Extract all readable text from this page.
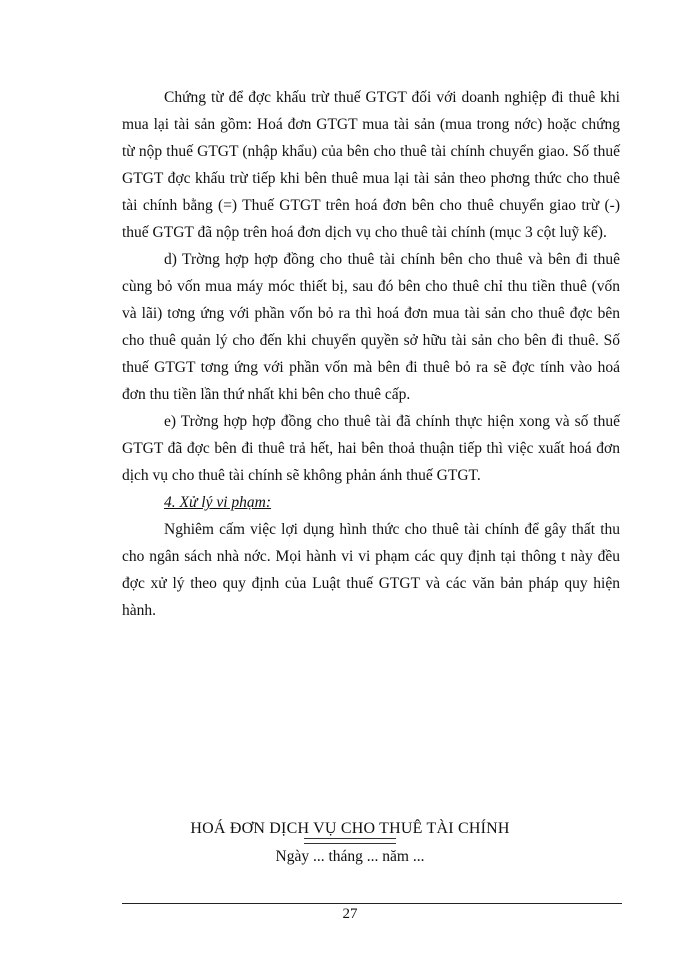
Chứng từ để đợc khấu trừ thuế GTGT đối với doanh nghiệp đi thuê khi mua lại tài sản gồm: Hoá đơn GTGT mua tài sản (mua trong nớc) hoặc chứng từ nộp thuế GTGT (nhập khẩu) của bên cho thuê tài chính chuyển giao. Số thuế GTGT đợc khấu trừ tiếp khi bên thuê mua lại tài sản theo phơng thức cho thuê tài chính bằng (=) Thuế GTGT trên hoá đơn bên cho thuê chuyển giao trừ (-) thuế GTGT đã nộp trên hoá đơn dịch vụ cho thuê tài chính (mục 3 cột luỹ kế).

d) Trờng hợp hợp đồng cho thuê tài chính bên cho thuê và bên đi thuê cùng bỏ vốn mua máy móc thiết bị, sau đó bên cho thuê chỉ thu tiền thuê (vốn và lãi) tơng ứng với phần vốn bỏ ra thì hoá đơn mua tài sản cho thuê đợc bên cho thuê quản lý cho đến khi chuyển quyền sở hữu tài sản cho bên đi thuê. Số thuế GTGT tơng ứng với phần vốn mà bên đi thuê bỏ ra sẽ đợc tính vào hoá đơn thu tiền lần thứ nhất khi bên cho thuê cấp.

e) Trờng hợp hợp đồng cho thuê tài đã chính thực hiện xong và số thuế GTGT đã đợc bên đi thuê trả hết, hai bên thoả thuận tiếp thì việc xuất hoá đơn dịch vụ cho thuê tài chính sẽ không phản ánh thuế GTGT.

4. Xử lý vi phạm:

Nghiêm cấm việc lợi dụng hình thức cho thuê tài chính để gây thất thu cho ngân sách nhà nớc. Mọi hành vi vi phạm các quy định tại thông t này đều đợc xử lý theo quy định của Luật thuế GTGT và các văn bản pháp quy hiện hành.

HOÁ ĐƠN DỊCH VỤ CHO THUÊ TÀI CHÍNH
Ngày ... tháng ... năm ...
27
